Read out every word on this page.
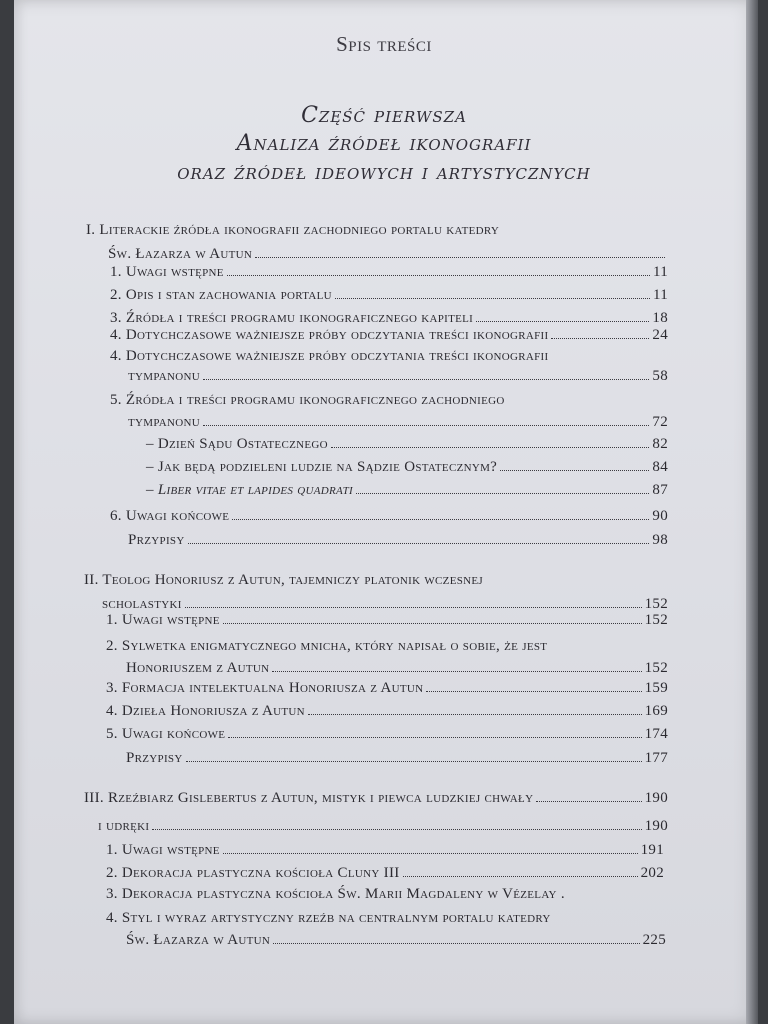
Spis treści
Część pierwsza
Analiza źródeł ikonografii
oraz źródeł ideowych i artystycznych
I. Literackie źródła ikonografii zachodniego portalu katedry
Św. Łazarza w Autun
1. Uwagi wstępne	11
2. Opis i stan zachowania portalu	11
3. Źródła i treści programu ikonograficznego kapiteli	18
4. Dotychczasowe ważniejsze próby odczytania treści ikonografii	24
4. Dotychczasowe ważniejsze próby odczytania treści ikonografii
tympanonu	58
5. Źródła i treści programu ikonograficznego zachodniego
tympanonu	72
– Dzień Sądu Ostatecznego	82
– Jak będą podzieleni ludzie na Sądzie Ostatecznym?	84
– Liber vitae et lapides quadrati	87
6. Uwagi końcowe	90
Przypisy	98
II. Teolog Honoriusz z Autun, tajemniczy platonik wczesnej
scholastyki	152
1. Uwagi wstępne	152
2. Sylwetka enigmatycznego mnicha, który napisał o sobie, że jest
Honoriuszem z Autun	152
3. Formacja intelektualna Honoriusza z Autun	159
4. Dzieła Honoriusza z Autun	169
5. Uwagi końcowe	174
Przypisy	177
III. Rzeźbiarz Gislebertus z Autun, mistyk i piewca ludzkiej chwały	190
i udręki	190
1. Uwagi wstępne	191
2. Dekoracja plastyczna kościoła Cluny III	202
3. Dekoracja plastyczna kościoła Św. Marii Magdaleny w Vézelay .
4. Styl i wyraz artystyczny rzeźb na centralnym portalu katedry
Św. Łazarza w Autun	225
